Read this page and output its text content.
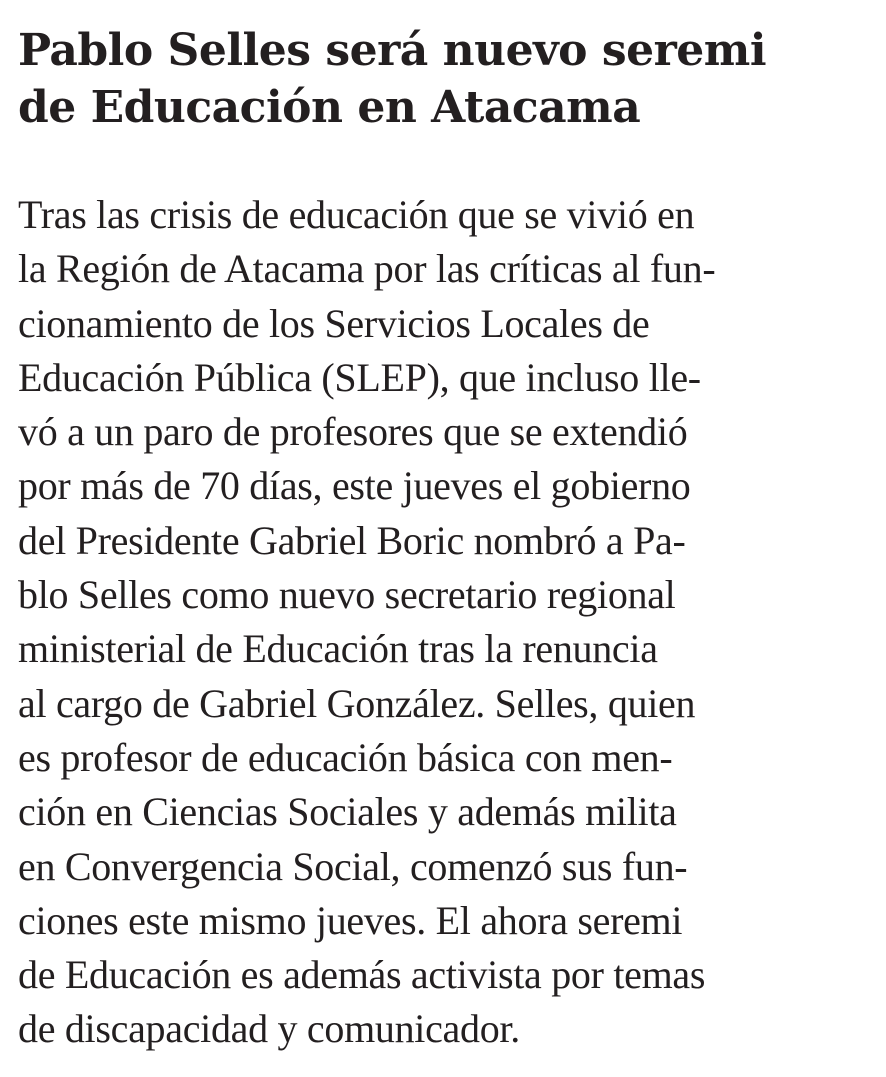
Pablo Selles será nuevo seremi
de Educación en Atacama

Tras las crisis de educación que se vivió en
la Región de Atacama por las críticas al fun-
cionamiento de los Servicios Locales de
Educación Pública (SLEP), que incluso lle-
vó a un paro de profesores que se extendió
por más de 70 días, este jueves el gobierno
del Presidente Gabriel Boric nombró a Pa-
blo Selles como nuevo secretario regional
ministerial de Educación tras la renuncia
al cargo de Gabriel González. Selles, quien
es profesor de educación básica con men-
ción en Ciencias Sociales y además milita
en Convergencia Social, comenzó sus fun-
ciones este mismo jueves. El ahora seremi
de Educación es además activista por temas
de discapacidad y comunicador.
